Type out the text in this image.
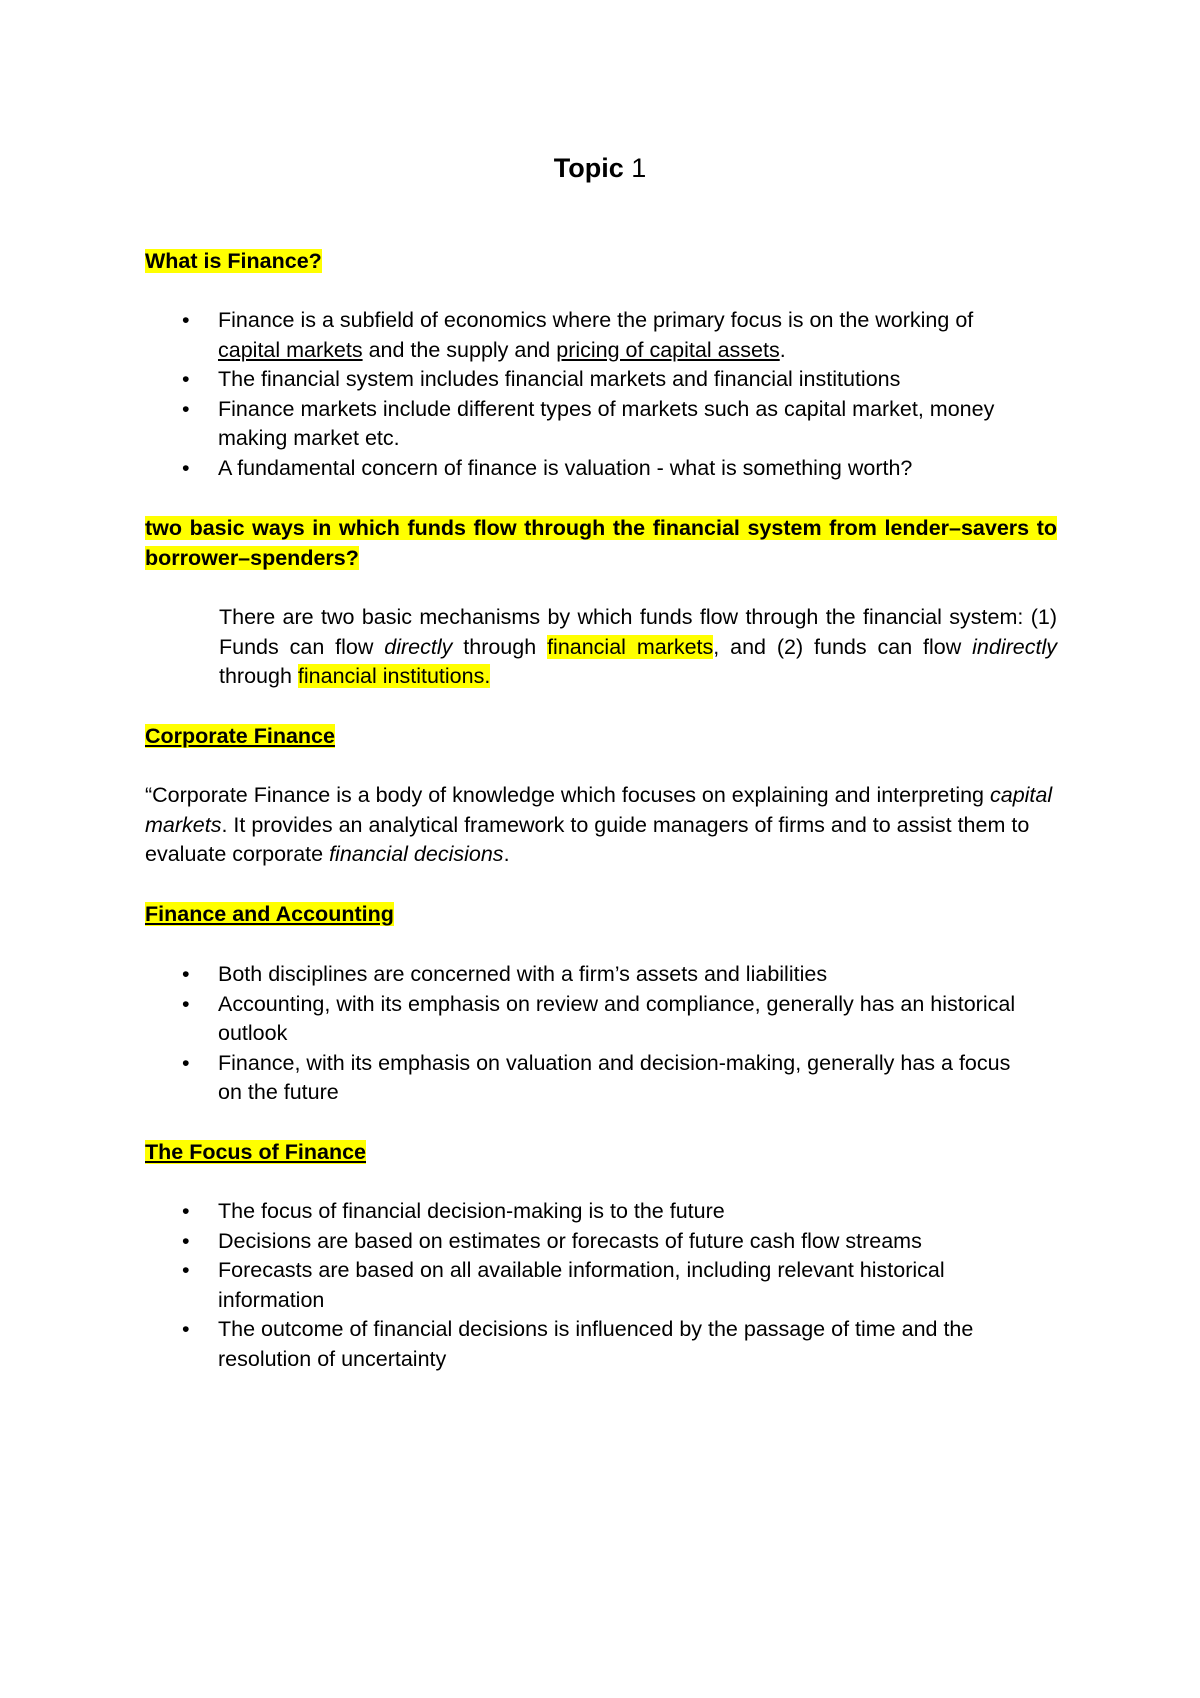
Topic 1
What is Finance?
• Finance is a subfield of economics where the primary focus is on the working of capital markets and the supply and pricing of capital assets.
• The financial system includes financial markets and financial institutions
• Finance markets include different types of markets such as capital market, money making market etc.
• A fundamental concern of finance is valuation - what is something worth?
two basic ways in which funds flow through the financial system from lender–savers to borrower–spenders?

There are two basic mechanisms by which funds flow through the financial system: (1) Funds can flow directly through financial markets, and (2) funds can flow indirectly through financial institutions.

Corporate Finance

“Corporate Finance is a body of knowledge which focuses on explaining and interpreting capital markets. It provides an analytical framework to guide managers of firms and to assist them to evaluate corporate financial decisions.

Finance and Accounting
• Both disciplines are concerned with a firm’s assets and liabilities
• Accounting, with its emphasis on review and compliance, generally has an historical outlook
• Finance, with its emphasis on valuation and decision-making, generally has a focus on the future
The Focus of Finance
• The focus of financial decision-making is to the future
• Decisions are based on estimates or forecasts of future cash flow streams
• Forecasts are based on all available information, including relevant historical information
• The outcome of financial decisions is influenced by the passage of time and the resolution of uncertainty
